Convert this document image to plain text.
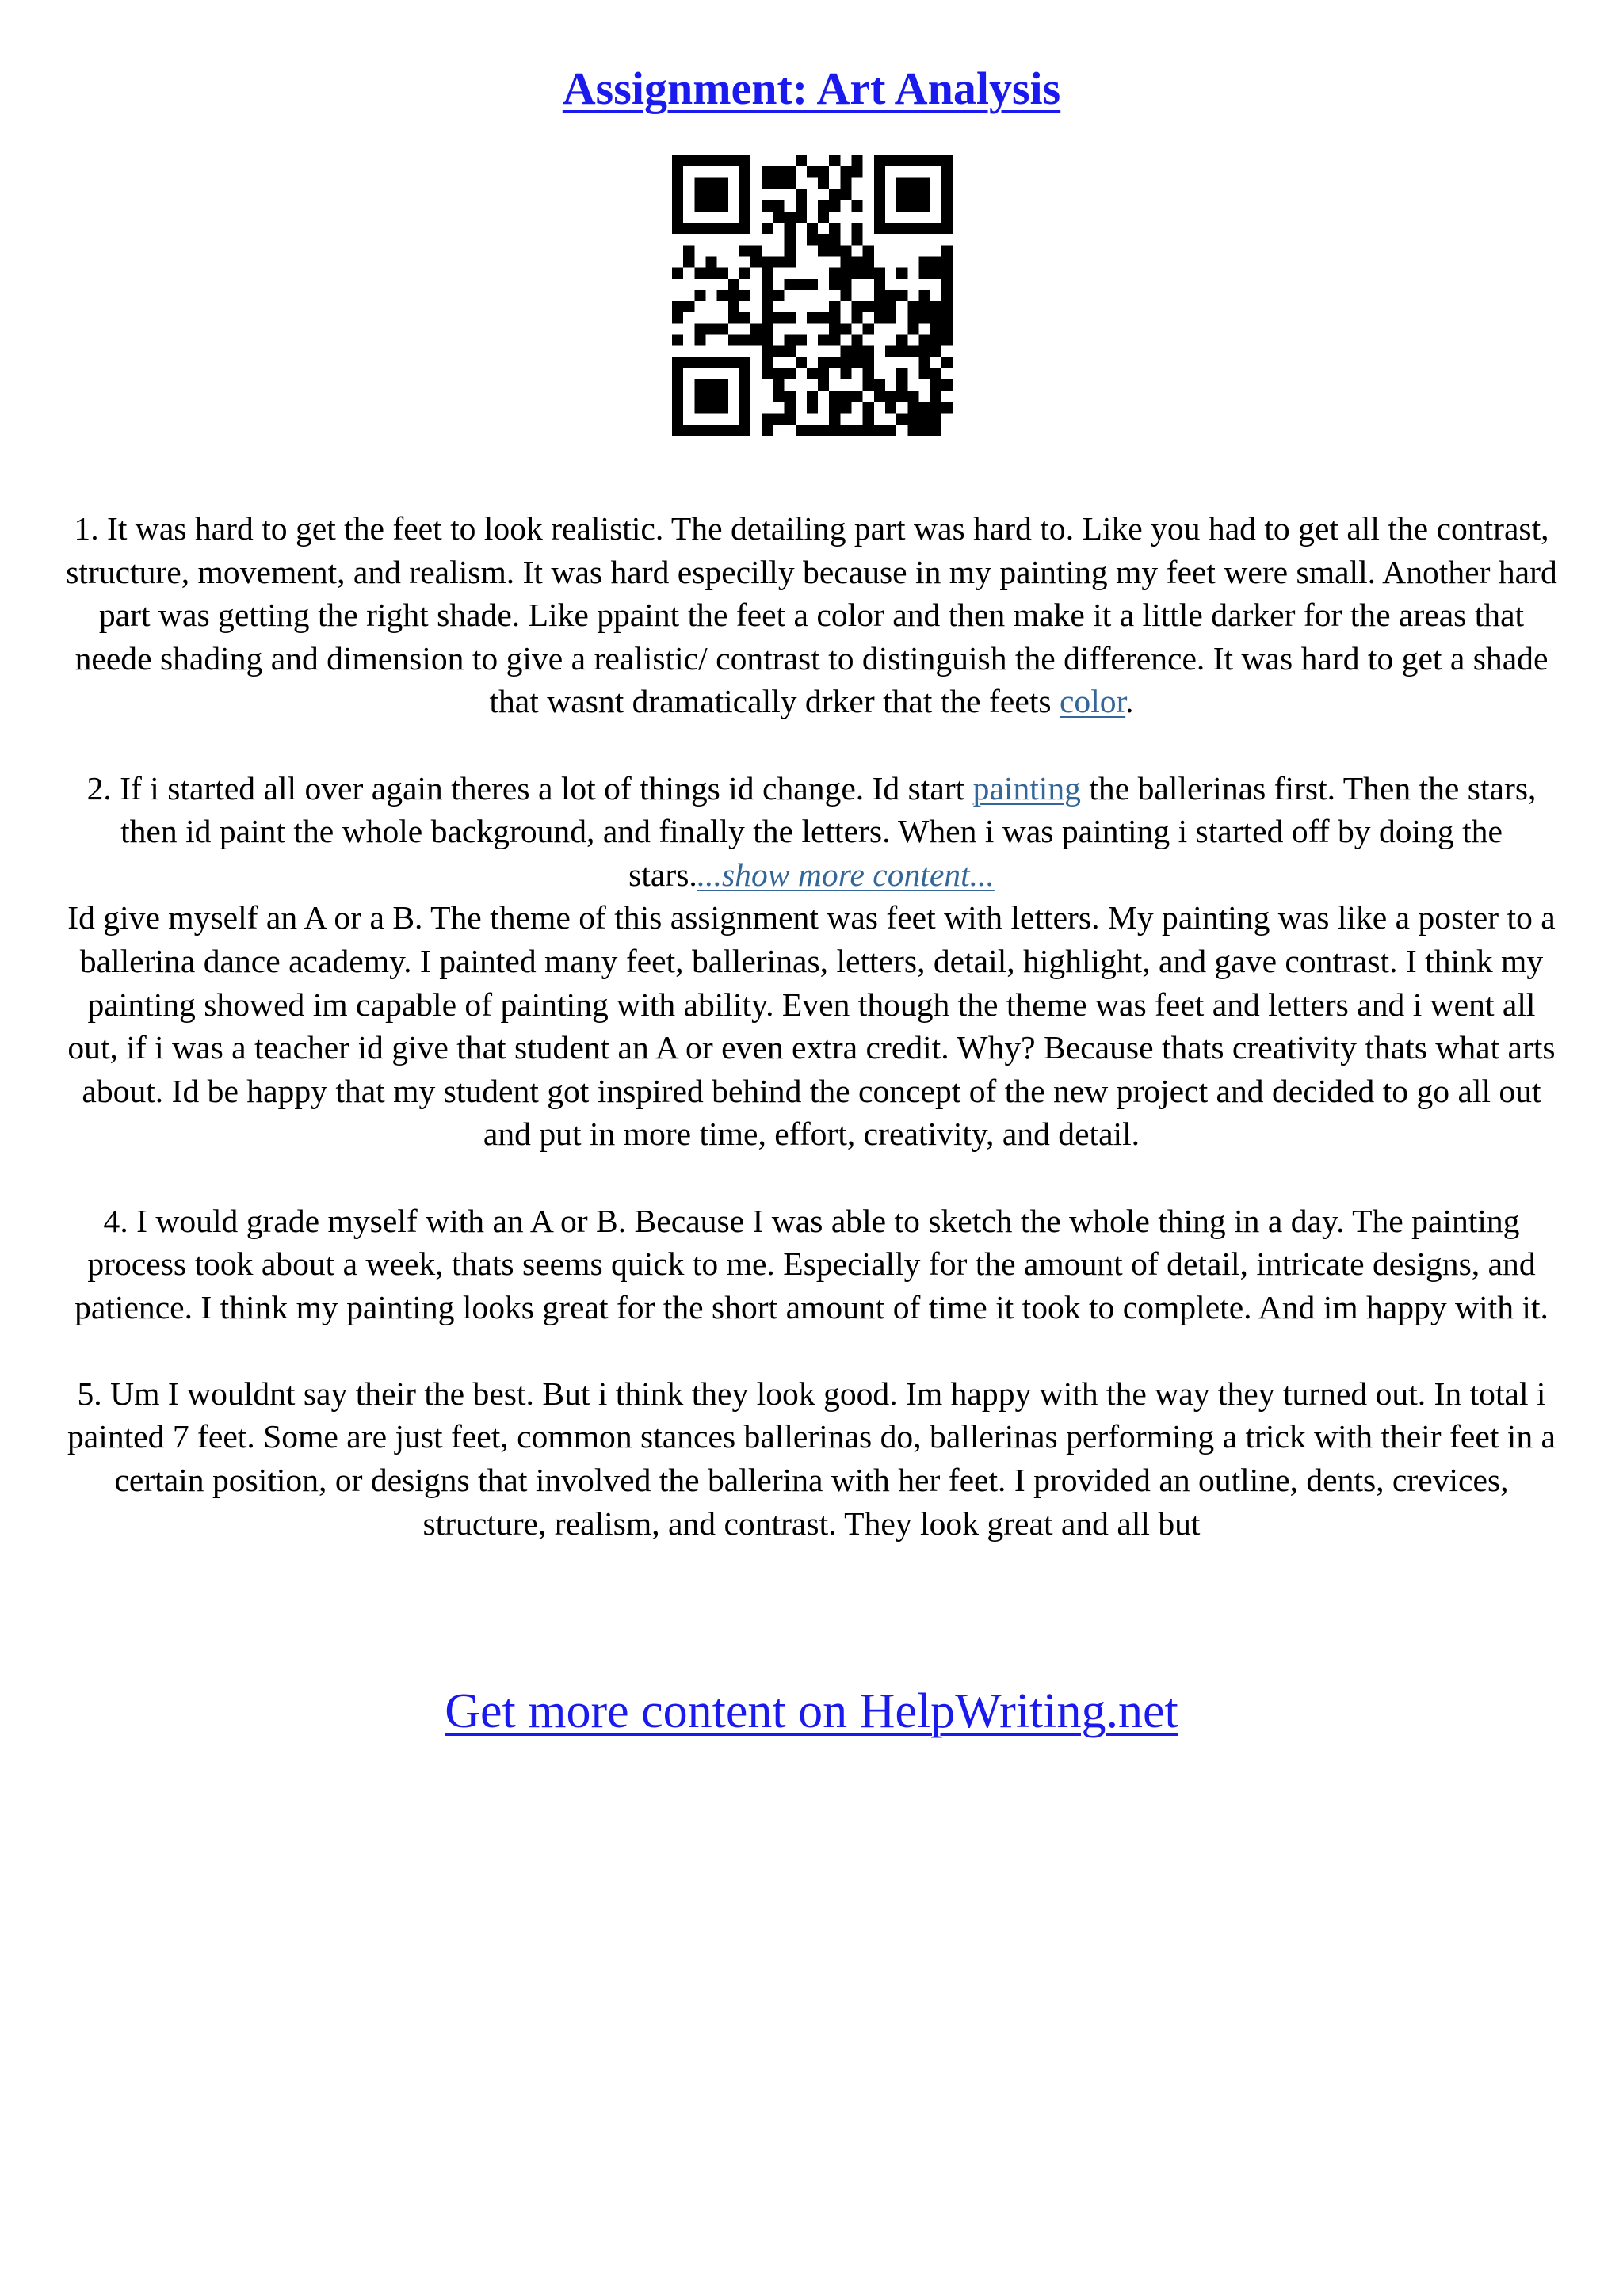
Assignment: Art Analysis

1. It was hard to get the feet to look realistic. The detailing part was hard to. Like you had to get all the contrast, structure, movement, and realism. It was hard especilly because in my painting my feet were small. Another hard part was getting the right shade. Like ppaint the feet a color and then make it a little darker for the areas that neede shading and dimension to give a realistic/ contrast to distinguish the difference. It was hard to get a shade that wasnt dramatically drker that the feets color.

2. If i started all over again theres a lot of things id change. Id start painting the ballerinas first. Then the stars, then id paint the whole background, and finally the letters. When i was painting i started off by doing the stars....show more content...

Id give myself an A or a B. The theme of this assignment was feet with letters. My painting was like a poster to a ballerina dance academy. I painted many feet, ballerinas, letters, detail, highlight, and gave contrast. I think my painting showed im capable of painting with ability. Even though the theme was feet and letters and i went all out, if i was a teacher id give that student an A or even extra credit. Why? Because thats creativity thats what arts about. Id be happy that my student got inspired behind the concept of the new project and decided to go all out and put in more time, effort, creativity, and detail.

4. I would grade myself with an A or B. Because I was able to sketch the whole thing in a day. The painting process took about a week, thats seems quick to me. Especially for the amount of detail, intricate designs, and patience. I think my painting looks great for the short amount of time it took to complete. And im happy with it.

5. Um I wouldnt say their the best. But i think they look good. Im happy with the way they turned out. In total i painted 7 feet. Some are just feet, common stances ballerinas do, ballerinas performing a trick with their feet in a certain position, or designs that involved the ballerina with her feet. I provided an outline, dents, crevices, structure, realism, and contrast. They look great and all but

Get more content on HelpWriting.net
